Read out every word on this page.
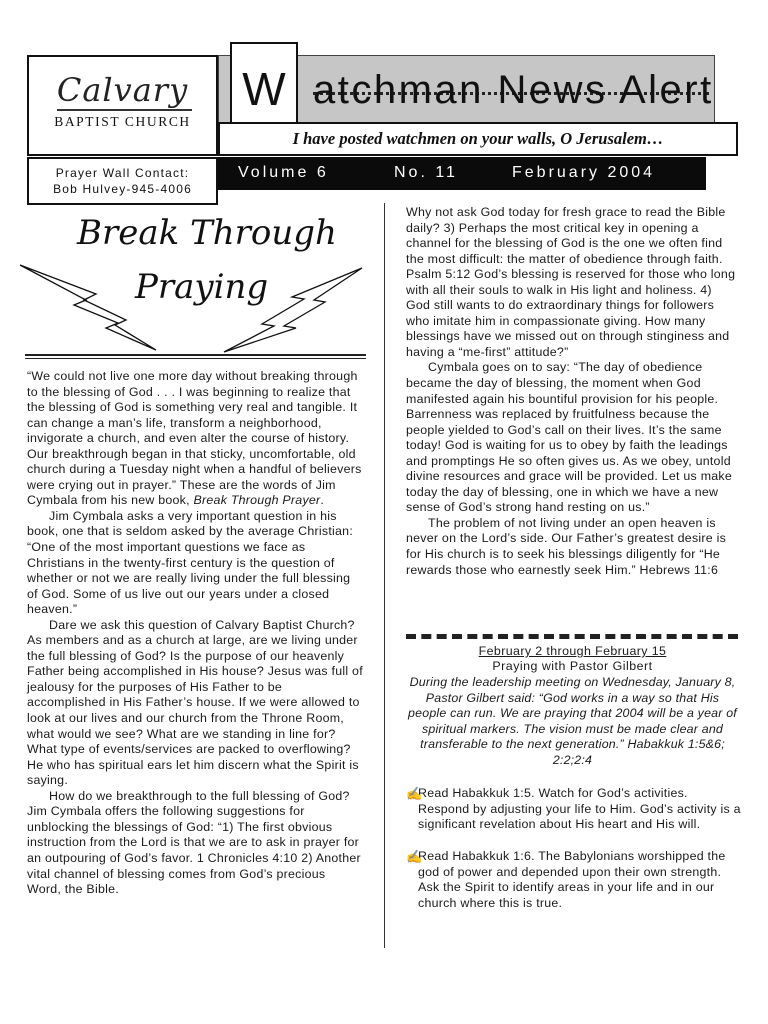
Calvary
BAPTIST CHURCH
Prayer Wall Contact:
Bob Hulvey-945-4006
atchman News Alert
W
I have posted watchmen on your walls, O Jerusalem…
Volume 6	No. 11	February 2004
Break Through
Praying

“We could not live one more day without breaking through to the blessing of God . . . I was beginning to realize that the blessing of God is something very real and tangible. It can change a man’s life, transform a neighborhood, invigorate a church, and even alter the course of history. Our breakthrough began in that sticky, uncomfortable, old church during a Tuesday night when a handful of believers were crying out in prayer.” These are the words of Jim Cymbala from his new book, Break Through Prayer.

Jim Cymbala asks a very important question in his book, one that is seldom asked by the average Christian: “One of the most important questions we face as Christians in the twenty-first century is the question of whether or not we are really living under the full blessing of God. Some of us live out our years under a closed heaven.”

Dare we ask this question of Calvary Baptist Church? As members and as a church at large, are we living under the full blessing of God? Is the purpose of our heavenly Father being accomplished in His house? Jesus was full of jealousy for the purposes of His Father to be accomplished in His Father’s house. If we were allowed to look at our lives and our church from the Throne Room, what would we see? What are we standing in line for? What type of events/services are packed to overflowing? He who has spiritual ears let him discern what the Spirit is saying.

How do we breakthrough to the full blessing of God? Jim Cymbala offers the following suggestions for unblocking the blessings of God: “1) The first obvious instruction from the Lord is that we are to ask in prayer for an outpouring of God’s favor. 1 Chronicles 4:10 2) Another vital channel of blessing comes from God’s precious Word, the Bible.

Why not ask God today for fresh grace to read the Bible daily? 3) Perhaps the most critical key in opening a channel for the blessing of God is the one we often find the most difficult: the matter of obedience through faith. Psalm 5:12 God’s blessing is reserved for those who long with all their souls to walk in His light and holiness. 4) God still wants to do extraordinary things for followers who imitate him in compassionate giving. How many blessings have we missed out on through stinginess and having a “me-first” attitude?”

Cymbala goes on to say: “The day of obedience became the day of blessing, the moment when God manifested again his bountiful provision for his people. Barrenness was replaced by fruitfulness because the people yielded to God’s call on their lives. It’s the same today! God is waiting for us to obey by faith the leadings and promptings He so often gives us. As we obey, untold divine resources and grace will be provided. Let us make today the day of blessing, one in which we have a new sense of God’s strong hand resting on us.”

The problem of not living under an open heaven is never on the Lord’s side. Our Father’s greatest desire is for His church is to seek his blessings diligently for “He rewards those who earnestly seek Him.” Hebrews 11:6

February 2 through February 15
Praying with Pastor Gilbert
During the leadership meeting on Wednesday, January 8, Pastor Gilbert said: “God works in a way so that His people can run. We are praying that 2004 will be a year of spiritual markers. The vision must be made clear and transferable to the next generation.” Habakkuk 1:5&6; 2:2;2:4
✍
Read Habakkuk 1:5. Watch for God’s activities. Respond by adjusting your life to Him. God’s activity is a significant revelation about His heart and His will.
✍
Read Habakkuk 1:6. The Babylonians worshipped the god of power and depended upon their own strength. Ask the Spirit to identify areas in your life and in our church where this is true.
